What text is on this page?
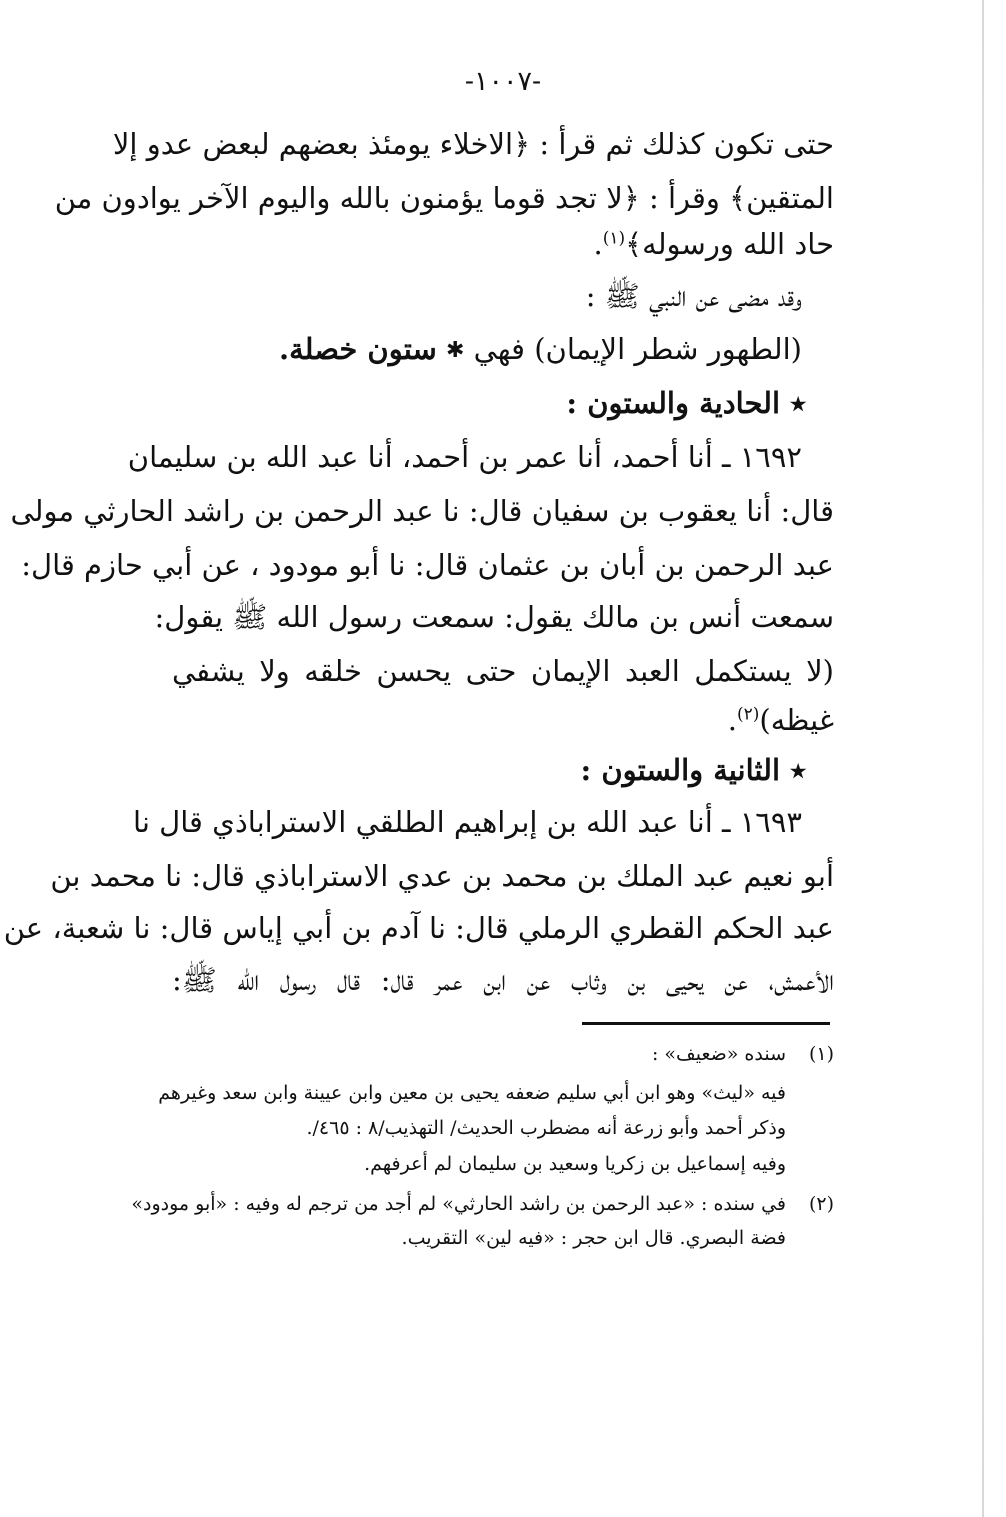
-١٠٠٧-
حتى تكون كذلك ثم قرأ : ﴿الاخلاء يومئذ بعضهم لبعض عدو إلا
المتقين﴾ وقرأ : ﴿لا تجد قوما يؤمنون بالله واليوم الآخر يوادون من
حاد الله ورسوله﴾$^{(١)}$.
وقد مضى عن النبي ﷺ :
(الطهور شطر الإيمان) فهي ✱ ستون خصلة.
٭ الحادية والستون :
١٦٩٢ ـ أنا أحمد، أنا عمر بن أحمد، أنا عبد الله بن سليمان
قال: أنا يعقوب بن سفيان قال: نا عبد الرحمن بن راشد الحارثي مولى
عبد الرحمن بن أبان بن عثمان قال: نا أبو مودود ، عن أبي حازم قال:
سمعت أنس بن مالك يقول: سمعت رسول الله ﷺ يقول:
(لا يستكمل العبد الإيمان حتى يحسن خلقه ولا يشفي
غيظه)$^{(٢)}$.
٭ الثانية والستون :
١٦٩٣ ـ أنا عبد الله بن إبراهيم الطلقي الاستراباذي قال نا
أبو نعيم عبد الملك بن محمد بن عدي الاستراباذي قال: نا محمد بن
عبد الحكم القطري الرملي قال: نا آدم بن أبي إياس قال: نا شعبة، عن
الأعمش، عن يحيى بن وثاب عن ابن عمر قال: قال رسول الله ﷺ:
(١)
سنده «ضعيف» :
فيه «ليث» وهو ابن أبي سليم ضعفه يحيى بن معين وابن عيينة وابن سعد وغيرهم
وذكر أحمد وأبو زرعة أنه مضطرب الحديث/ التهذيب/٨ : ٤٦٥/.
وفيه إسماعيل بن زكريا وسعيد بن سليمان لم أعرفهم.
(٢)
في سنده : «عبد الرحمن بن راشد الحارثي» لم أجد من ترجم له وفيه : «أبو مودود»
فضة البصري. قال ابن حجر : «فيه لين» التقريب.
